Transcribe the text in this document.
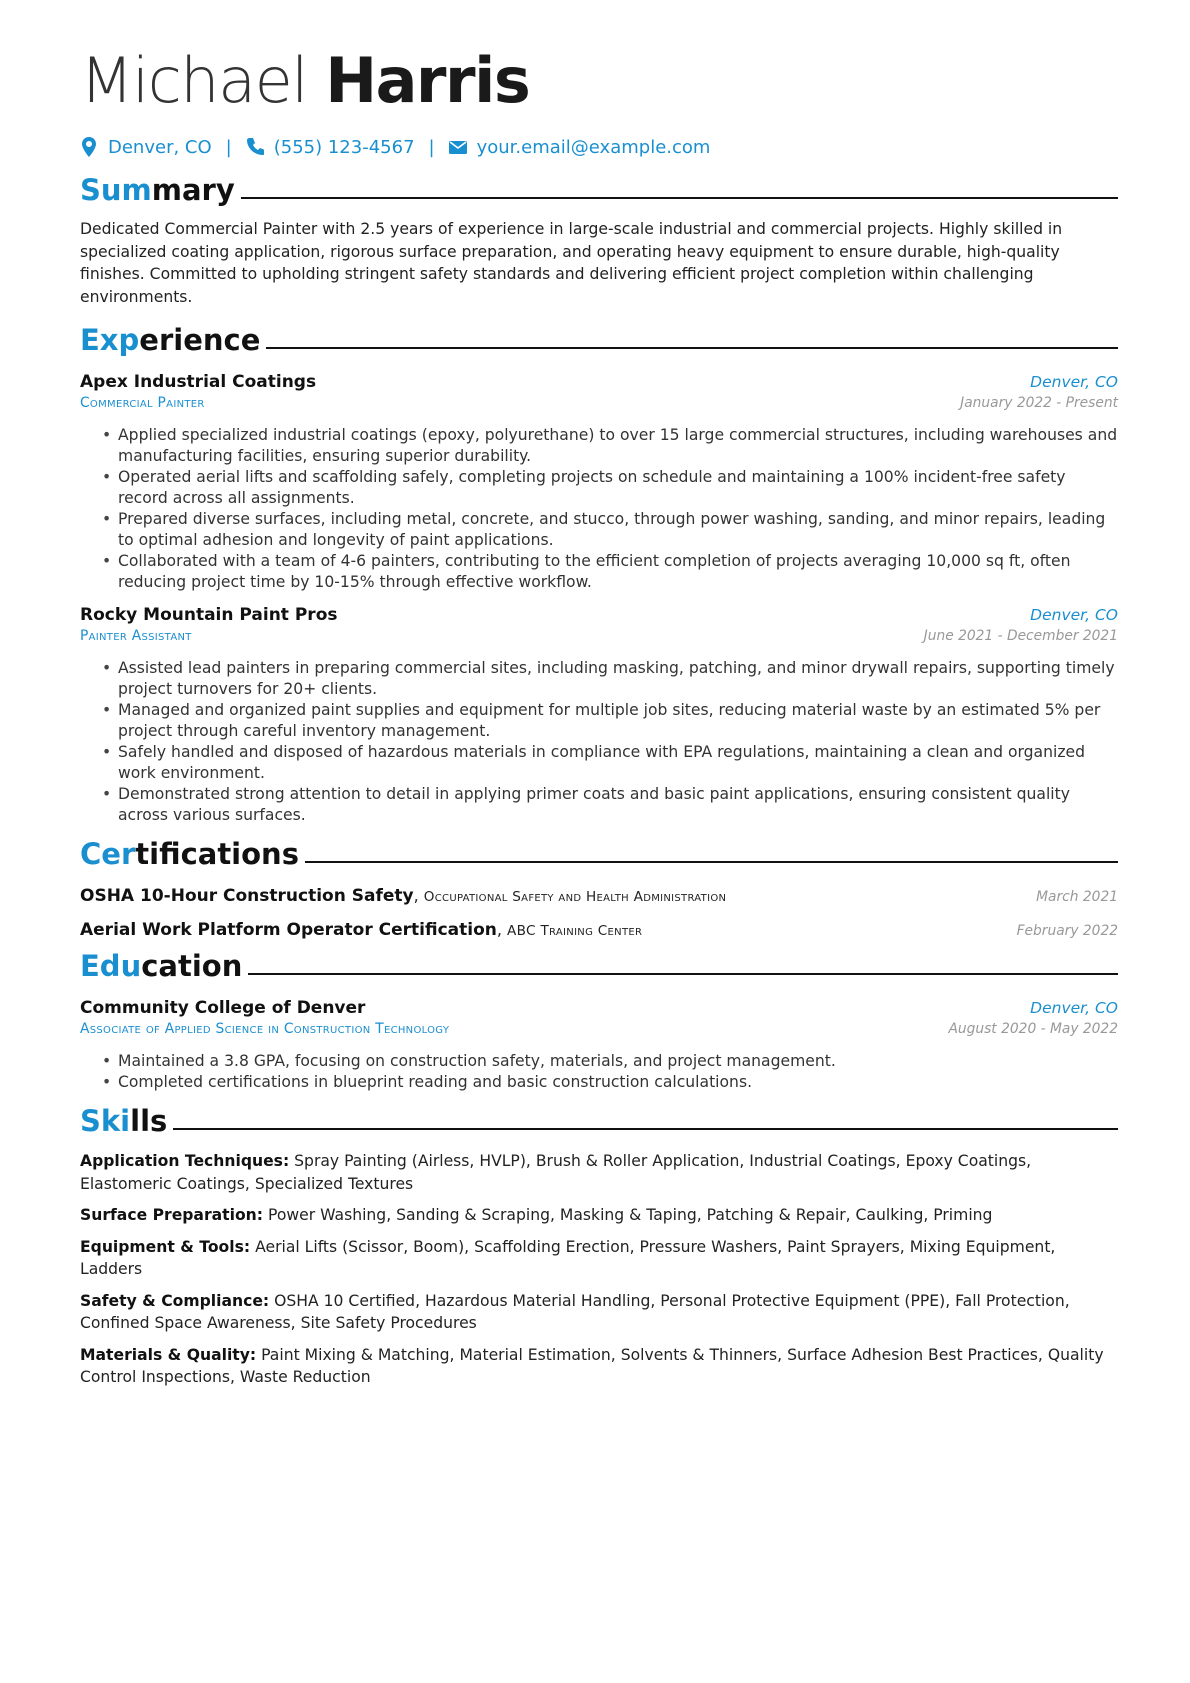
Michael Harris
Denver, CO | (555) 123-4567 | your.email@example.com
Summary
Dedicated Commercial Painter with 2.5 years of experience in large-scale industrial and commercial projects. Highly skilled in specialized coating application, rigorous surface preparation, and operating heavy equipment to ensure durable, high-quality finishes. Committed to upholding stringent safety standards and delivering efficient project completion within challenging environments.
Experience
Apex Industrial Coatings	Denver, CO
Commercial Painter	January 2022 - Present
• Applied specialized industrial coatings (epoxy, polyurethane) to over 15 large commercial structures, including warehouses and manufacturing facilities, ensuring superior durability.
• Operated aerial lifts and scaffolding safely, completing projects on schedule and maintaining a 100% incident-free safety record across all assignments.
• Prepared diverse surfaces, including metal, concrete, and stucco, through power washing, sanding, and minor repairs, leading to optimal adhesion and longevity of paint applications.
• Collaborated with a team of 4-6 painters, contributing to the efficient completion of projects averaging 10,000 sq ft, often reducing project time by 10-15% through effective workflow.
Rocky Mountain Paint Pros	Denver, CO
Painter Assistant	June 2021 - December 2021
• Assisted lead painters in preparing commercial sites, including masking, patching, and minor drywall repairs, supporting timely project turnovers for 20+ clients.
• Managed and organized paint supplies and equipment for multiple job sites, reducing material waste by an estimated 5% per project through careful inventory management.
• Safely handled and disposed of hazardous materials in compliance with EPA regulations, maintaining a clean and organized work environment.
• Demonstrated strong attention to detail in applying primer coats and basic paint applications, ensuring consistent quality across various surfaces.
Certifications
OSHA 10-Hour Construction Safety, Occupational Safety and Health Administration	March 2021
Aerial Work Platform Operator Certification, ABC Training Center	February 2022
Education
Community College of Denver	Denver, CO
Associate of Applied Science in Construction Technology	August 2020 - May 2022
• Maintained a 3.8 GPA, focusing on construction safety, materials, and project management.
• Completed certifications in blueprint reading and basic construction calculations.
Skills
Application Techniques: Spray Painting (Airless, HVLP), Brush & Roller Application, Industrial Coatings, Epoxy Coatings, Elastomeric Coatings, Specialized Textures
Surface Preparation: Power Washing, Sanding & Scraping, Masking & Taping, Patching & Repair, Caulking, Priming
Equipment & Tools: Aerial Lifts (Scissor, Boom), Scaffolding Erection, Pressure Washers, Paint Sprayers, Mixing Equipment, Ladders
Safety & Compliance: OSHA 10 Certified, Hazardous Material Handling, Personal Protective Equipment (PPE), Fall Protection, Confined Space Awareness, Site Safety Procedures
Materials & Quality: Paint Mixing & Matching, Material Estimation, Solvents & Thinners, Surface Adhesion Best Practices, Quality Control Inspections, Waste Reduction
